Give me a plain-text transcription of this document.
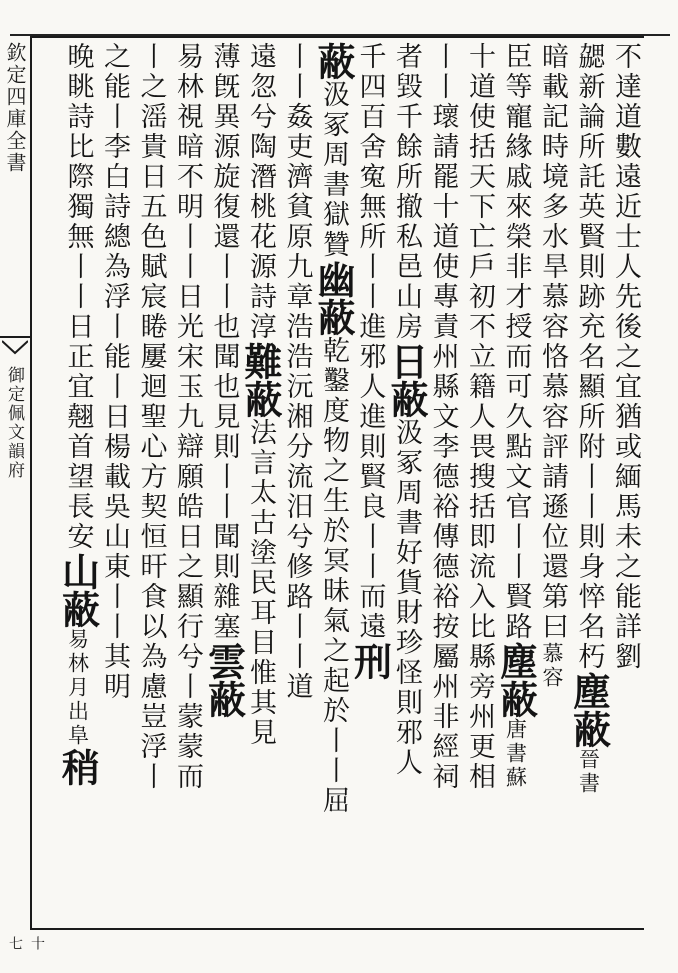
欽定四庫全書
御定佩文韻府
十七
不達道數遠近士人先後之宜猶或緬馬未之能詳劉
勰新論所託英賢則跡充名顯所附丨丨則身悴名朽塵蔽晉書
暗載記時境多水旱慕容恪慕容評請遜位還第曰慕容
臣等寵緣戚來榮非才授而可久點文官丨丨賢路塵蔽唐書蘇
十道使括天下亡戶初不立籍人畏搜括即流入比縣旁州更相
丨丨瓌請罷十道使專責州縣文李德裕傳德裕按屬州非經祠
者毀千餘所撤私邑山房日蔽汲冢周書好貨財珍怪則邪人
千四百舍寃無所丨丨進邪人進則賢良丨丨而遠刑
蔽汲冢周書獄贊幽蔽乾鑿度物之生於冥昧氣之起於丨丨屈
丨丨姦吏濟貧原九章浩浩沅湘分流汨兮修路丨丨道
遠忽兮陶潛桃花源詩淳難蔽法言太古塗民耳目惟其見
薄旣異源旋復還丨丨也聞也見則丨丨聞則雜塞雲蔽
易林視暗不明丨丨日光宋玉九辯願皓日之顯行兮丨蒙蒙而
丨之滛貴日五色賦宸睠屢迴聖心方契恒旰食以為慮豈浮丨
之能丨李白詩總為浮丨能丨日楊載吳山東丨丨其明
晚眺詩比際獨無丨丨日正宜翹首望長安山蔽易林月出阜稍
